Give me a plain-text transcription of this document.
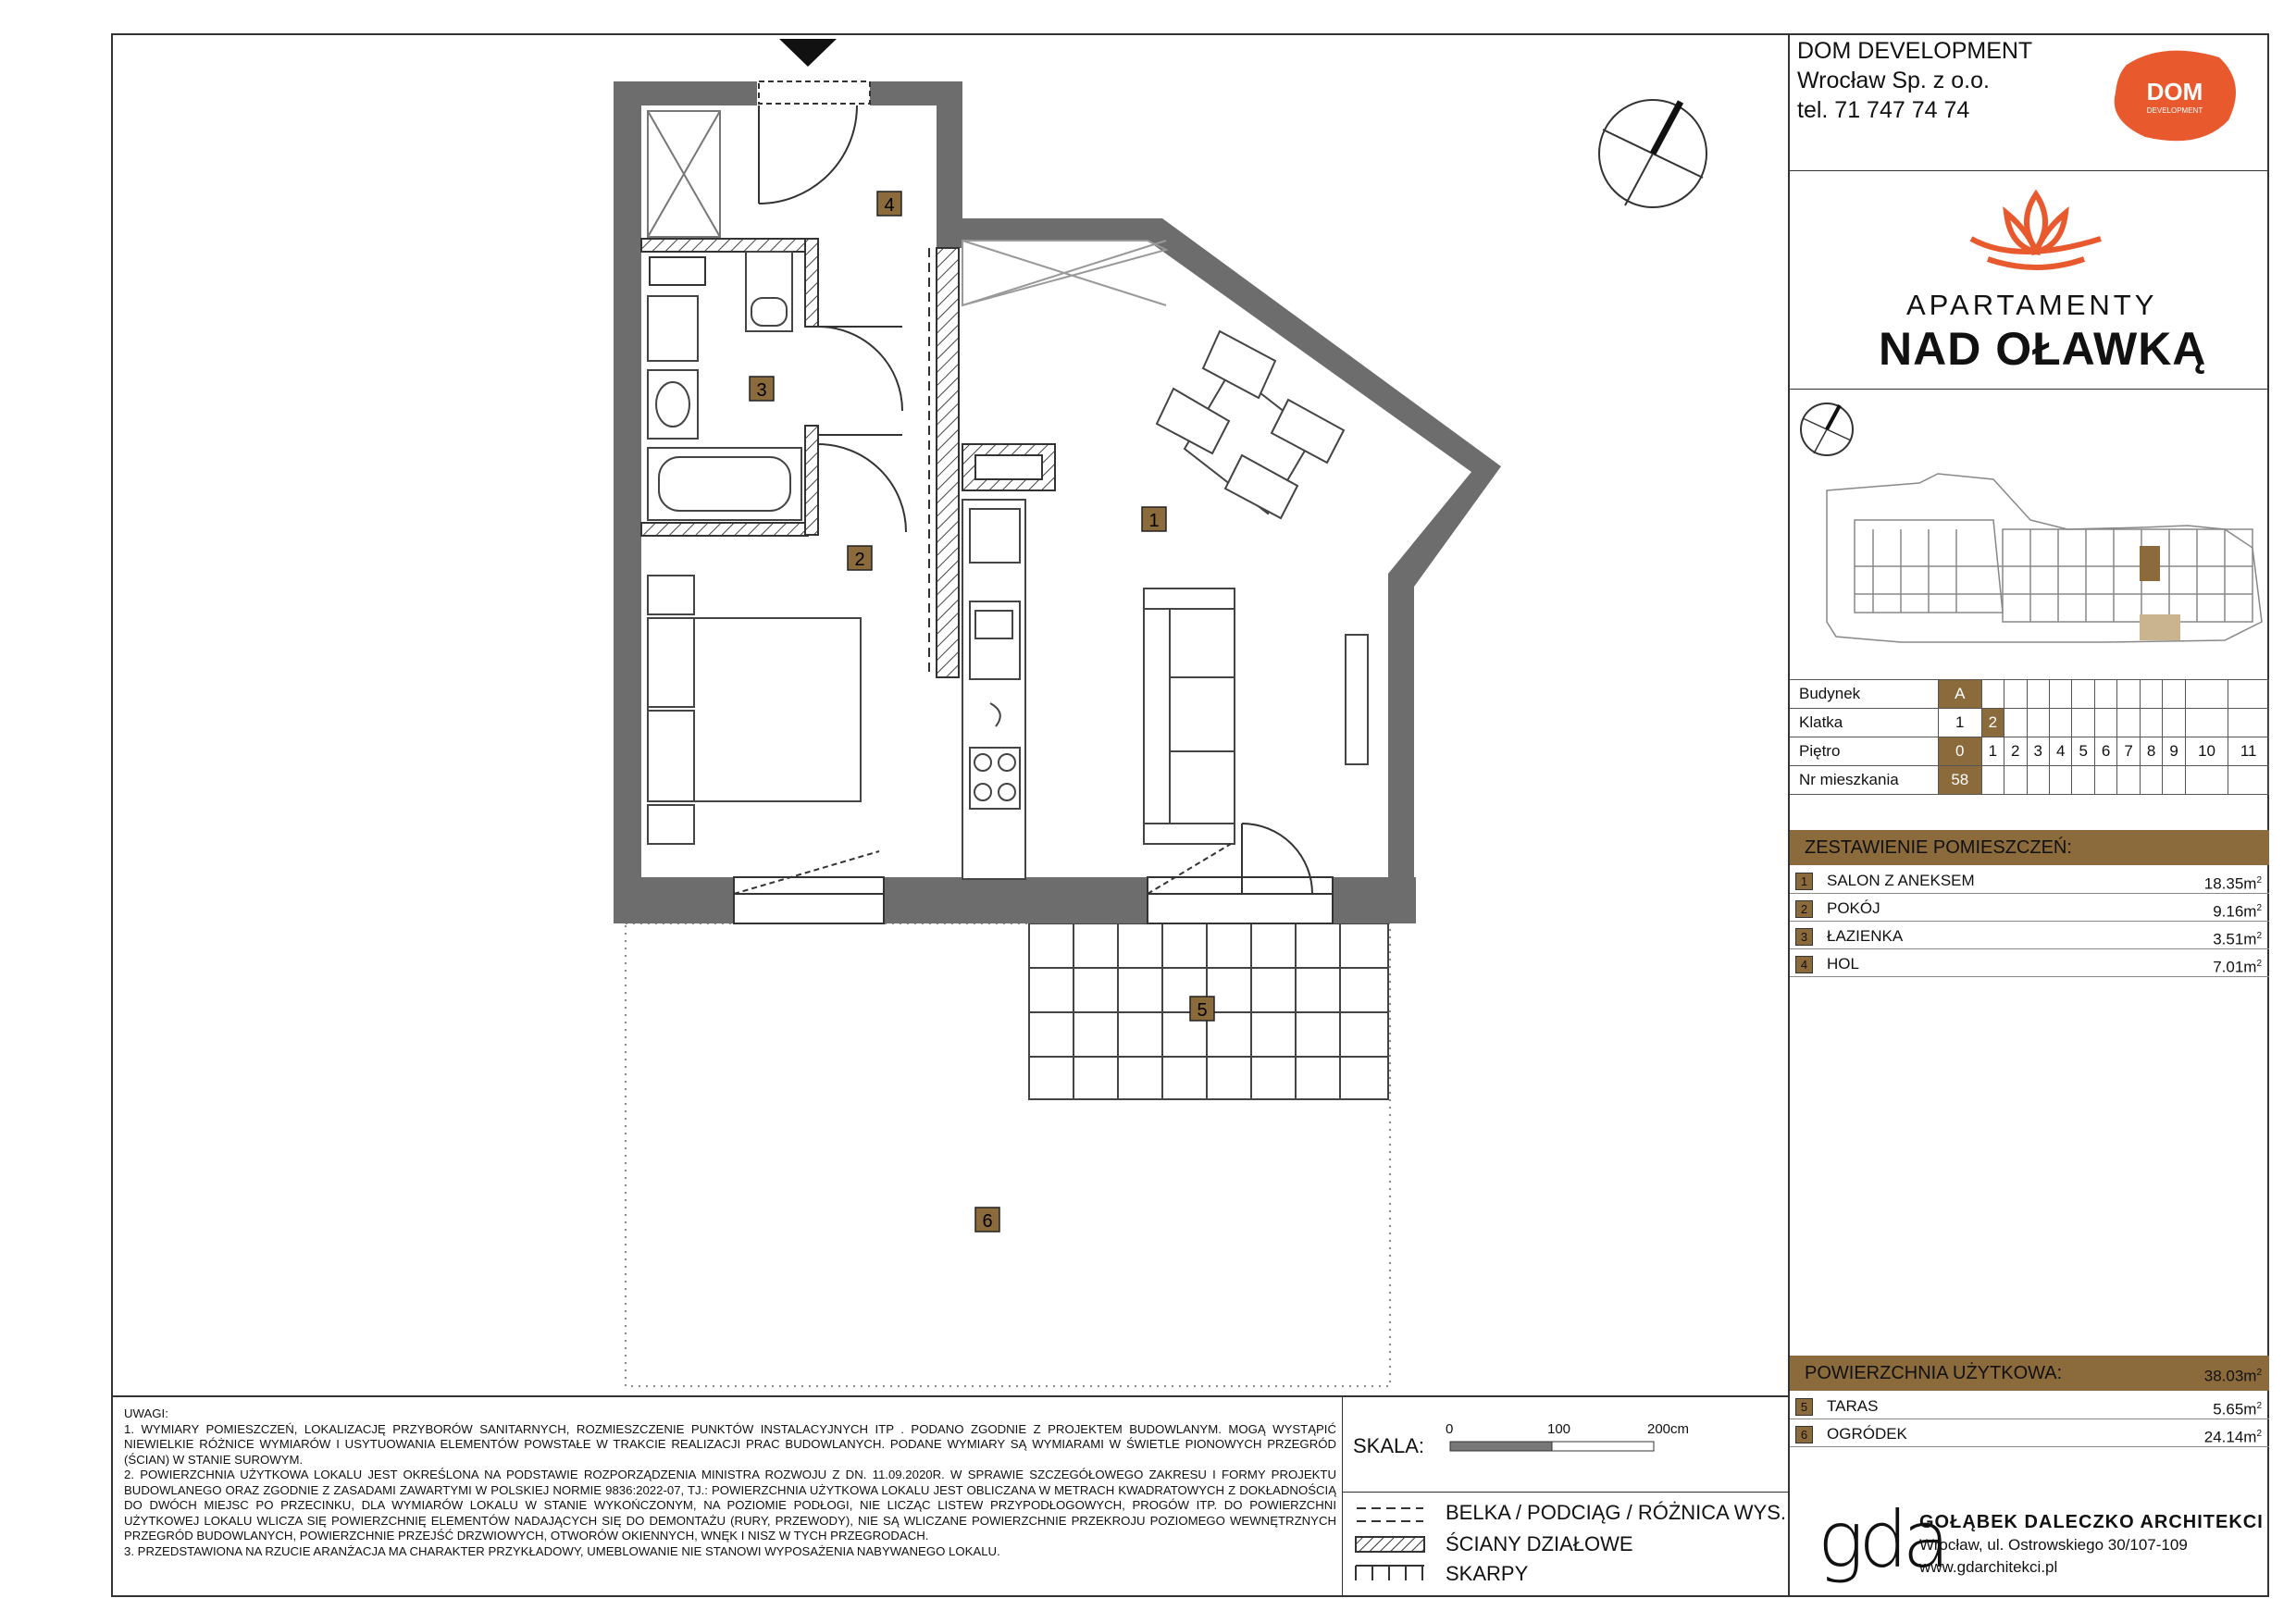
1
2
3
4
5
6
DOM DEVELOPMENT
Wrocław Sp. z o.o.
tel. 71 747 74 74
DOM
DEVELOPMENT
APARTAMENTY
NAD OŁAWKĄ
Budynek	A											
Klatka	1	2										
Piętro	0	1	2	3	4	5	6	7	8	9	10	11
Nr mieszkania	58											
ZESTAWIENIE POMIESZCZEŃ:
1	SALON Z ANEKSEM	$18.35m^2$
2	POKÓJ	$9.16m^2$
3	ŁAZIENKA	$3.51m^2$
4	HOL	$7.01m^2$
POWIERZCHNIA UŻYTKOWA:	$38.03m^2$
5	TARAS	$5.65m^2$
6	OGRÓDEK	$24.14m^2$
UWAGI:
1. WYMIARY POMIESZCZEŃ, LOKALIZACJĘ PRZYBORÓW SANITARNYCH, ROZMIESZCZENIE PUNKTÓW INSTALACYJNYCH ITP . PODANO ZGODNIE Z PROJEKTEM BUDOWLANYM. MOGĄ WYSTĄPIĆ NIEWIELKIE RÓŻNICE WYMIARÓW I USYTUOWANIA ELEMENTÓW POWSTAŁE W TRAKCIE REALIZACJI PRAC BUDOWLANYCH. PODANE WYMIARY SĄ WYMIARAMI W ŚWIETLE PIONOWYCH PRZEGRÓD (ŚCIAN) W STANIE SUROWYM.
2. POWIERZCHNIA UŻYTKOWA LOKALU JEST OKREŚLONA NA PODSTAWIE ROZPORZĄDZENIA MINISTRA ROZWOJU Z DN. 11.09.2020R. W SPRAWIE SZCZEGÓŁOWEGO ZAKRESU I FORMY PROJEKTU BUDOWLANEGO ORAZ ZGODNIE Z ZASADAMI ZAWARTYMI W POLSKIEJ NORMIE 9836:2022-07, TJ.: POWIERZCHNIA UŻYTKOWA LOKALU JEST OBLICZANA W METRACH KWADRATOWYCH Z DOKŁADNOŚCIĄ DO DWÓCH MIEJSC PO PRZECINKU, DLA WYMIARÓW LOKALU W STANIE WYKOŃCZONYM, NA POZIOMIE PODŁOGI, NIE LICZĄC LISTEW PRZYPODŁOGOWYCH, PROGÓW ITP. DO POWIERZCHNI UŻYTKOWEJ LOKALU WLICZA SIĘ POWIERZCHNIĘ ELEMENTÓW NADAJĄCYCH SIĘ DO DEMONTAŻU (RURY, PRZEWODY), NIE SĄ WLICZANE POWIERZCHNIE PRZEKROJU POZIOMEGO WEWNĘTRZNYCH PRZEGRÓD BUDOWLANYCH, POWIERZCHNIE PRZEJŚĆ DRZWIOWYCH, OTWORÓW OKIENNYCH, WNĘK I NISZ W TYCH PRZEGRODACH.
3. PRZEDSTAWIONA NA RZUCIE ARANŻACJA MA CHARAKTER PRZYKŁADOWY, UMEBLOWANIE NIE STANOWI WYPOSAŻENIA NABYWANEGO LOKALU.
SKALA:
0	100	200cm
BELKA / PODCIĄG / RÓŻNICA WYS.
ŚCIANY DZIAŁOWE
SKARPY	gda
GOŁĄBEK DALECZKO ARCHITEKCI
Wrocław, ul. Ostrowskiego 30/107-109
www.gdarchitekci.pl
